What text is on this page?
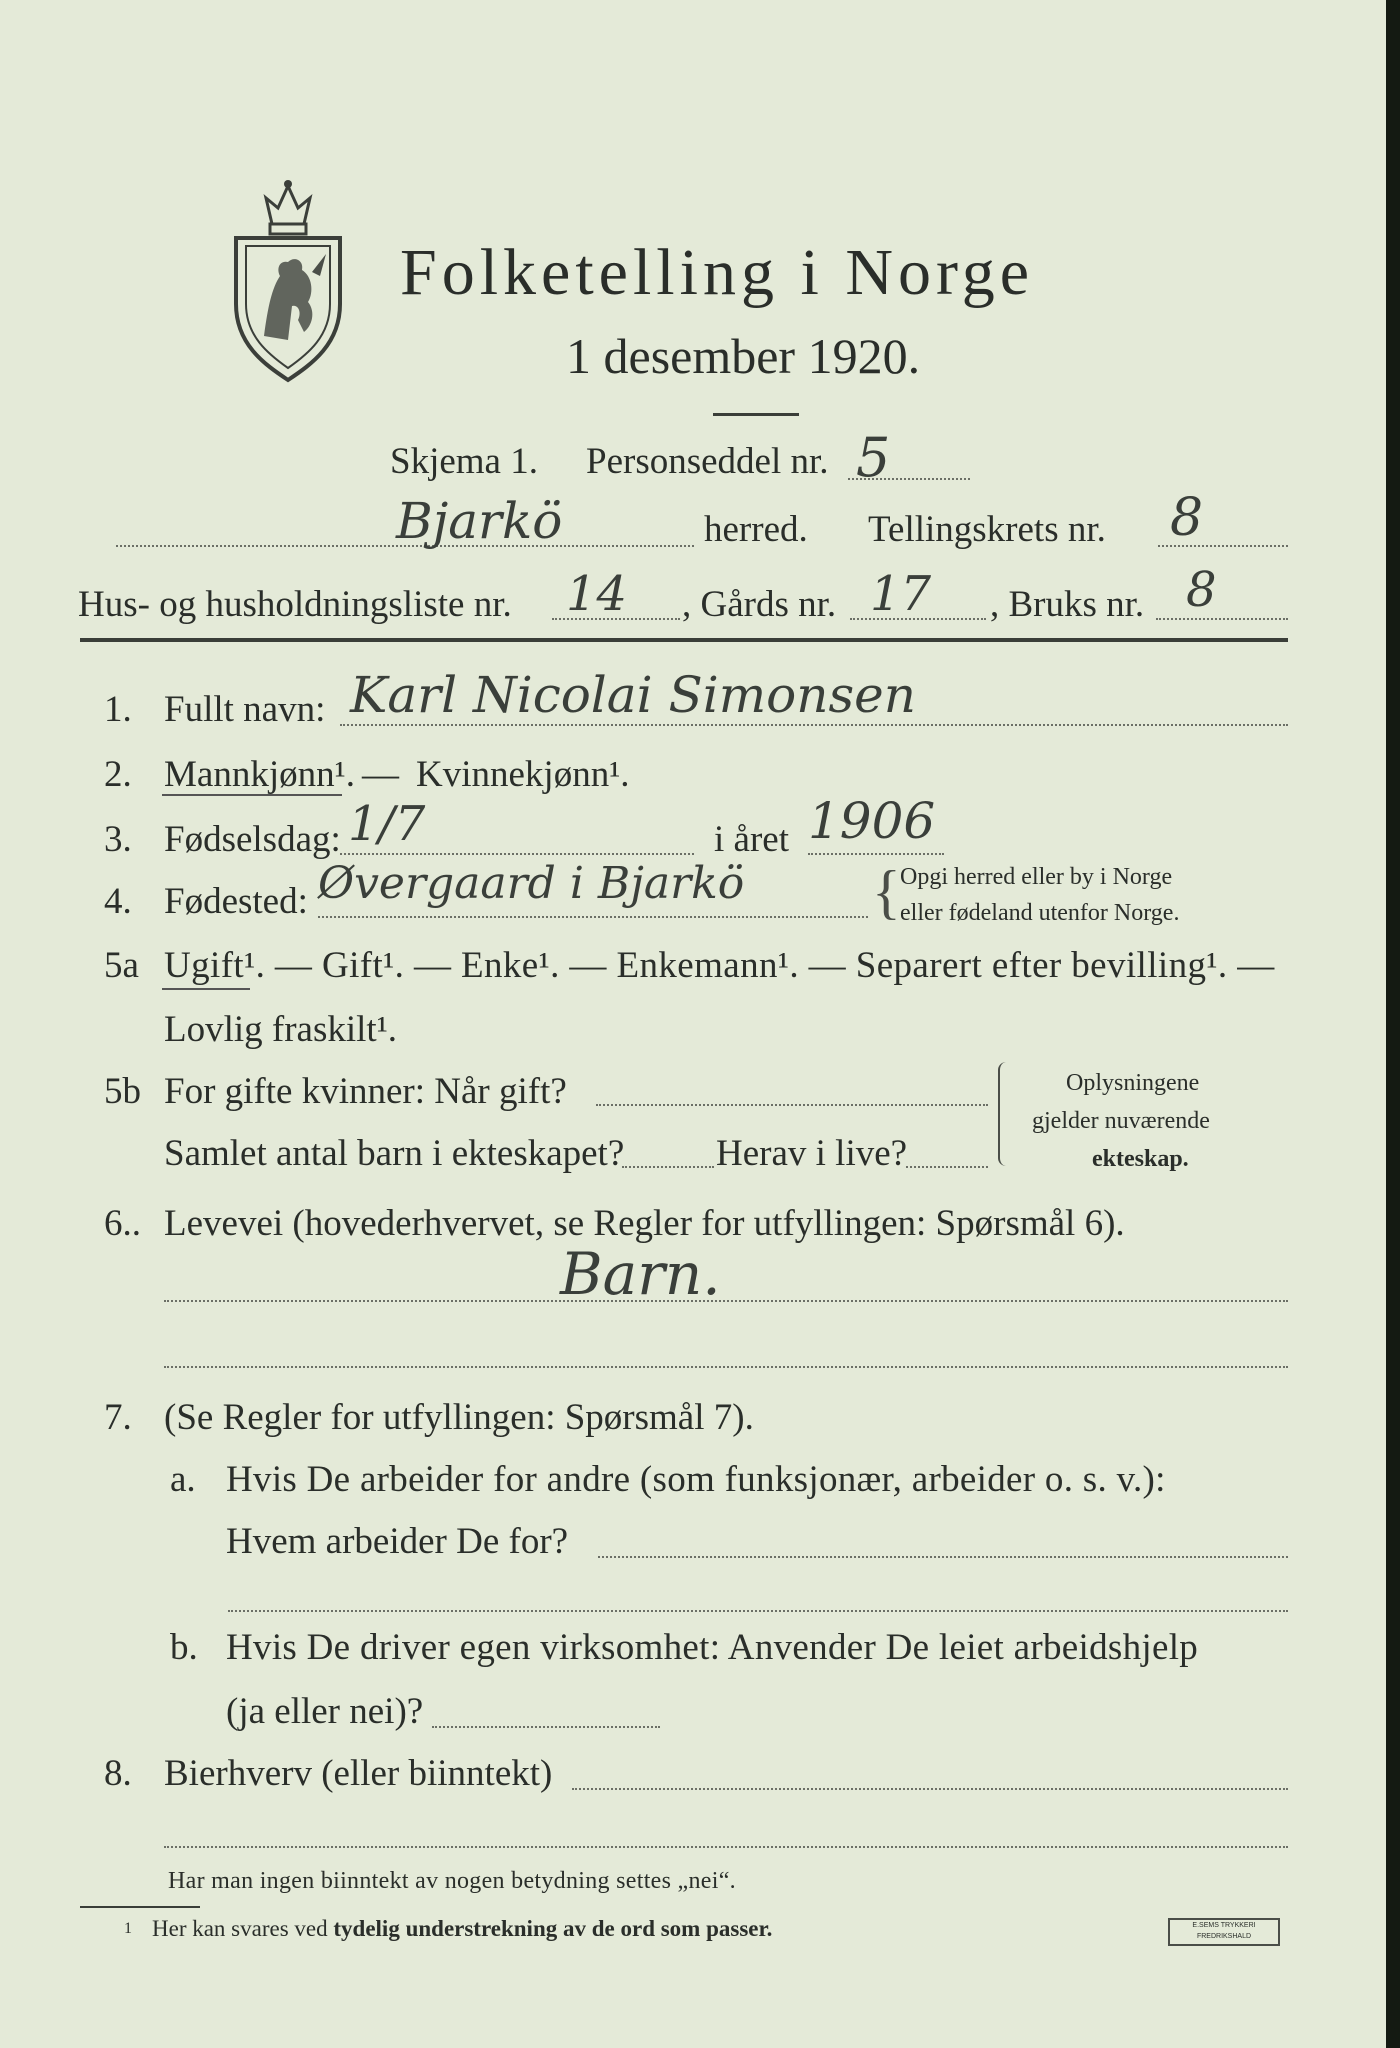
Folketelling i Norge
1 desember 1920.
Skjema 1. Personseddel nr. 5
Bjarkö	herred. Tellingskrets nr. 8
Hus- og husholdningsliste nr. 14 , Gårds nr. 17 , Bruks nr. 8
1. Fullt navn: Karl Nicolai Simonsen
2. Mannkjønn¹. — Kvinnekjønn¹.
3. Fødselsdag: 1/7	i året 1906
4. Fødested: Øvergaard i Bjarkö { Opgi herred eller by i Norge
eller fødeland utenfor Norge.
5a Ugift¹. — Gift¹. — Enke¹. — Enkemann¹. — Separert efter bevilling¹. —
Lovlig fraskilt¹.
5b For gifte kvinner: Når gift?
Samlet antal barn i ekteskapet? Herav i live?
Oplysningene
gjelder nuværende
ekteskap.
6.. Levevei (hovederhvervet, se Regler for utfyllingen: Spørsmål 6).
Barn.
7. (Se Regler for utfyllingen: Spørsmål 7).
a. Hvis De arbeider for andre (som funksjonær, arbeider o. s. v.):
Hvem arbeider De for?
b. Hvis De driver egen virksomhet: Anvender De leiet arbeidshjelp
(ja eller nei)?
8. Bierhverv (eller biinntekt)
Har man ingen biinntekt av nogen betydning settes „nei“.
1 Her kan svares ved tydelig understrekning av de ord som passer.	E.SEMS TRYKKERI FREDRIKSHALD
